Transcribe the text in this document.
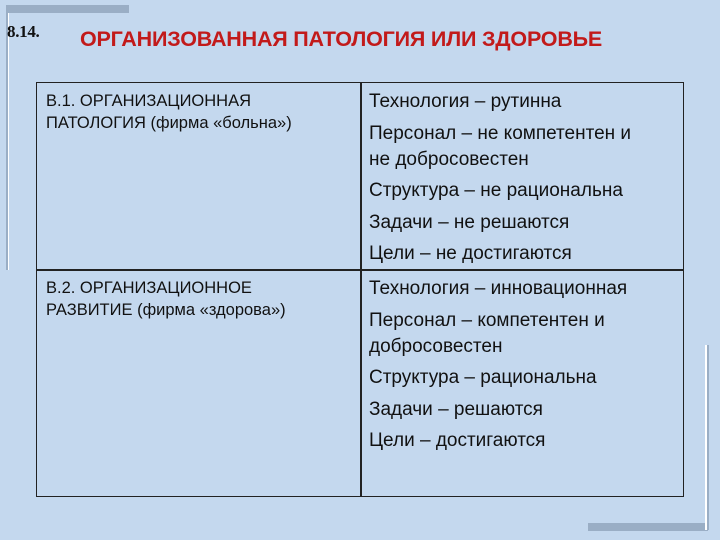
8.14. ОРГАНИЗОВАННАЯ ПАТОЛОГИЯ ИЛИ ЗДОРОВЬЕ
В.1. ОРГАНИЗАЦИОННАЯ
ПАТОЛОГИЯ (фирма «больна»)
Технология – рутинна
Персонал – не компетентен и
не добросовестен
Структура – не рациональна
Задачи – не решаются
Цели – не достигаются
В.2. ОРГАНИЗАЦИОННОЕ
РАЗВИТИЕ (фирма «здорова»)
Технология – инновационная
Персонал – компетентен и
добросовестен
Структура – рациональна
Задачи – решаются
Цели – достигаются
